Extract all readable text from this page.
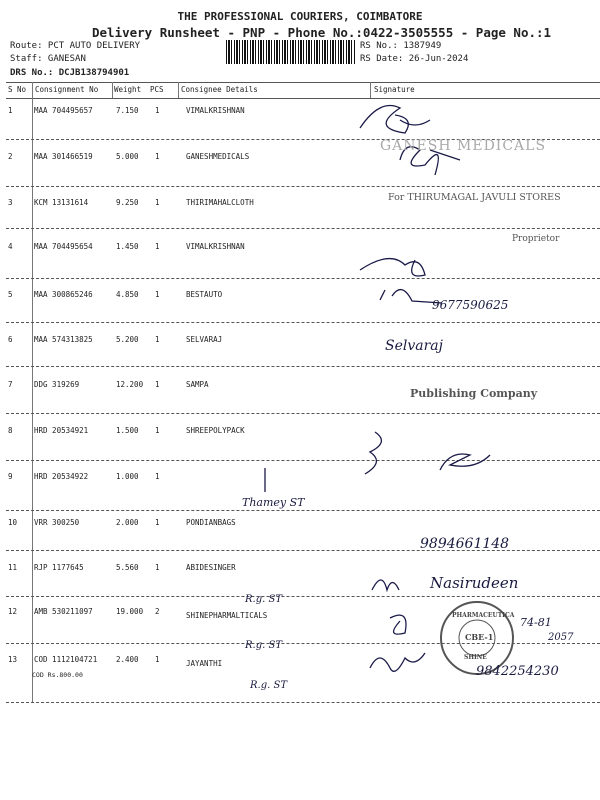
THE PROFESSIONAL COURIERS, COIMBATORE
Delivery Runsheet - PNP - Phone No.:0422-3505555 - Page No.:1
Route: PCT AUTO DELIVERY
Staff: GANESAN
DRS No.: DCJB138794901
RS No.: 1387949
RS Date: 26-Jun-2024
S No Consignment No Weight PCS Consignee Details	Signature
1	MAA 704495657	7.150 1	VIMALKRISHNAN
2	MAA 301466519	5.000 1	GANESHMEDICALS
3	KCM 13131614	9.250 1	THIRIMAHALCLOTH
4	MAA 704495654	1.450 1	VIMALKRISHNAN
5	MAA 300865246	4.850 1	BESTAUTO
6	MAA 574313825	5.200 1	SELVARAJ
7	DDG 319269	12.200 1	SAMPA
8	HRD 20534921	1.500 1	SHREEPOLYPACK
9	HRD 20534922	1.000 1
10 VRR 300250	2.000 1	PONDIANBAGS
11 RJP 1177645	5.560 1	ABIDESINGER
12 AMB 530211097	19.000 2	SHINEPHARMALTICALS
13 COD 1112104721	2.400 1	JAYANTHI
COD Rs.800.00
GANESH MEDICALS
For THIRUMAGAL JAVULI STORES
Proprietor
9677590625
Selvaraj
Publishing Company
Thamey ST
9894661148
Nasirudeen
R.g. ST
74-81
2057
R.g. ST
9842254230
R.g. ST
PHARMACEUTICA
CBE-1
SHINE
